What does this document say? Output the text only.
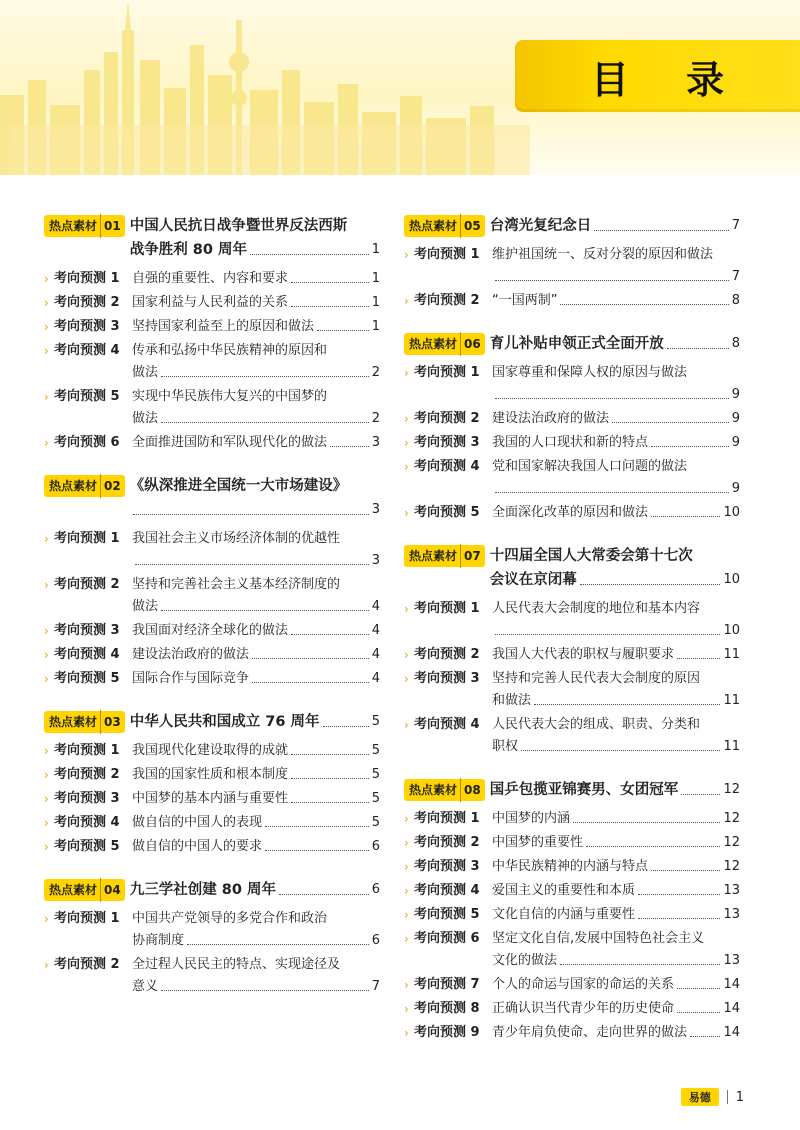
目 录
热点素材 01 中国人民抗日战争暨世界反法西斯
战争胜利 80 周年	1
› 考向预测 1 自强的重要性、内容和要求	1
› 考向预测 2 国家利益与人民利益的关系	1
› 考向预测 3 坚持国家利益至上的原因和做法	1
› 考向预测 4 传承和弘扬中华民族精神的原因和
做法	2
› 考向预测 5 实现中华民族伟大复兴的中国梦的
做法	2
› 考向预测 6 全面推进国防和军队现代化的做法	3
热点素材 02 《纵深推进全国统一大市场建设》
3
› 考向预测 1 我国社会主义市场经济体制的优越性
3
› 考向预测 2 坚持和完善社会主义基本经济制度的
做法	4
› 考向预测 3 我国面对经济全球化的做法	4
› 考向预测 4 建设法治政府的做法	4
› 考向预测 5 国际合作与国际竞争	4
热点素材 03 中华人民共和国成立 76 周年	5
› 考向预测 1 我国现代化建设取得的成就	5
› 考向预测 2 我国的国家性质和根本制度	5
› 考向预测 3 中国梦的基本内涵与重要性	5
› 考向预测 4 做自信的中国人的表现	5
› 考向预测 5 做自信的中国人的要求	6
热点素材 04 九三学社创建 80 周年	6
› 考向预测 1 中国共产党领导的多党合作和政治
协商制度	6
› 考向预测 2 全过程人民民主的特点、实现途径及
意义	7
热点素材 05 台湾光复纪念日	7
› 考向预测 1 维护祖国统一、反对分裂的原因和做法
7
› 考向预测 2 “一国两制”	8
热点素材 06 育儿补贴申领正式全面开放	8
› 考向预测 1 国家尊重和保障人权的原因与做法
9
› 考向预测 2 建设法治政府的做法	9
› 考向预测 3 我国的人口现状和新的特点	9
› 考向预测 4 党和国家解决我国人口问题的做法
9
› 考向预测 5 全面深化改革的原因和做法	10
热点素材 07 十四届全国人大常委会第十七次
会议在京闭幕	10
› 考向预测 1 人民代表大会制度的地位和基本内容
10
› 考向预测 2 我国人大代表的职权与履职要求	11
› 考向预测 3 坚持和完善人民代表大会制度的原因
和做法	11
› 考向预测 4 人民代表大会的组成、职责、分类和
职权	11
热点素材 08 国乒包揽亚锦赛男、女团冠军	12
› 考向预测 1 中国梦的内涵	12
› 考向预测 2 中国梦的重要性	12
› 考向预测 3 中华民族精神的内涵与特点	12
› 考向预测 4 爱国主义的重要性和本质	13
› 考向预测 5 文化自信的内涵与重要性	13
› 考向预测 6 坚定文化自信,发展中国特色社会主义
文化的做法	13
› 考向预测 7 个人的命运与国家的命运的关系	14
› 考向预测 8 正确认识当代青少年的历史使命	14
› 考向预测 9 青少年肩负使命、走向世界的做法	14
易德	1
